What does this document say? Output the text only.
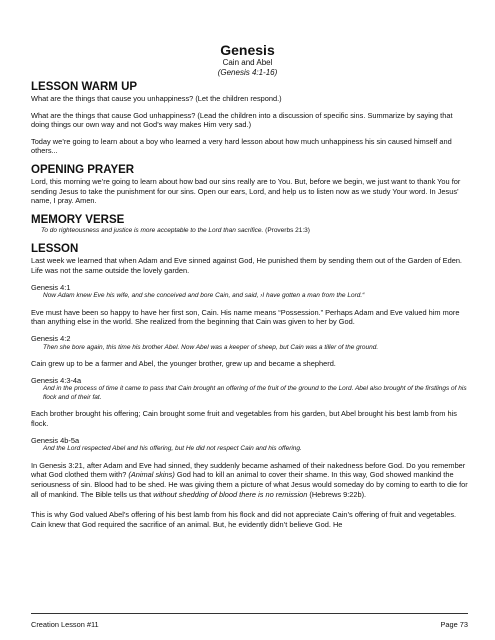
Genesis
Cain and Abel
(Genesis 4:1-16)
LESSON WARM UP

What are the things that cause you unhappiness? (Let the children respond.)

What are the things that cause God unhappiness? (Lead the children into a discussion of specific sins. Summarize by saying that doing things our own way and not God’s way makes Him very sad.)

Today we’re going to learn about a boy who learned a very hard lesson about how much unhappiness his sin caused himself and others...

OPENING PRAYER

Lord, this morning we’re going to learn about how bad our sins really are to You. But, before we begin, we just want to thank You for sending Jesus to take the punishment for our sins. Open our ears, Lord, and help us to listen now as we study Your word. In Jesus’ name, I pray. Amen.

MEMORY VERSE
To do righteousness and justice is more acceptable to the Lord than sacrifice. (Proverbs 21:3)
LESSON

Last week we learned that when Adam and Eve sinned against God, He punished them by sending them out of the Garden of Eden. Life was not the same outside the lovely garden.

Genesis 4:1
Now Adam knew Eve his wife, and she conceived and bore Cain, and said, ›I have gotten a man from the Lord.“

Eve must have been so happy to have her first son, Cain. His name means “Possession.” Perhaps Adam and Eve valued him more than anything else in the world. She realized from the beginning that Cain was given to her by God.

Genesis 4:2
Then she bore again, this time his brother Abel. Now Abel was a keeper of sheep, but Cain was a tiller of the ground.

Cain grew up to be a farmer and Abel, the younger brother, grew up and became a shepherd.

Genesis 4:3-4a
And in the process of time it came to pass that Cain brought an offering of the fruit of the ground to the Lord. Abel also brought of the firstlings of his flock and of their fat.

Each brother brought his offering; Cain brought some fruit and vegetables from his garden, but Abel brought his best lamb from his flock.

Genesis 4b-5a
And the Lord respected Abel and his offering, but He did not respect Cain and his offering.

In Genesis 3:21, after Adam and Eve had sinned, they suddenly became ashamed of their nakedness before God. Do you remember what God clothed them with? (Animal skins) God had to kill an animal to cover their shame. In this way, God showed mankind the seriousness of sin. Blood had to be shed. He was giving them a picture of what Jesus would someday do by coming to earth to die for all of mankind. The Bible tells us that without shedding of blood there is no remission (Hebrews 9:22b).

This is why God valued Abel’s offering of his best lamb from his flock and did not appreciate Cain’s offering of fruit and vegetables. Cain knew that God required the sacrifice of an animal. But, he evidently didn’t believe God. He

Creation Lesson #11	Page 73
